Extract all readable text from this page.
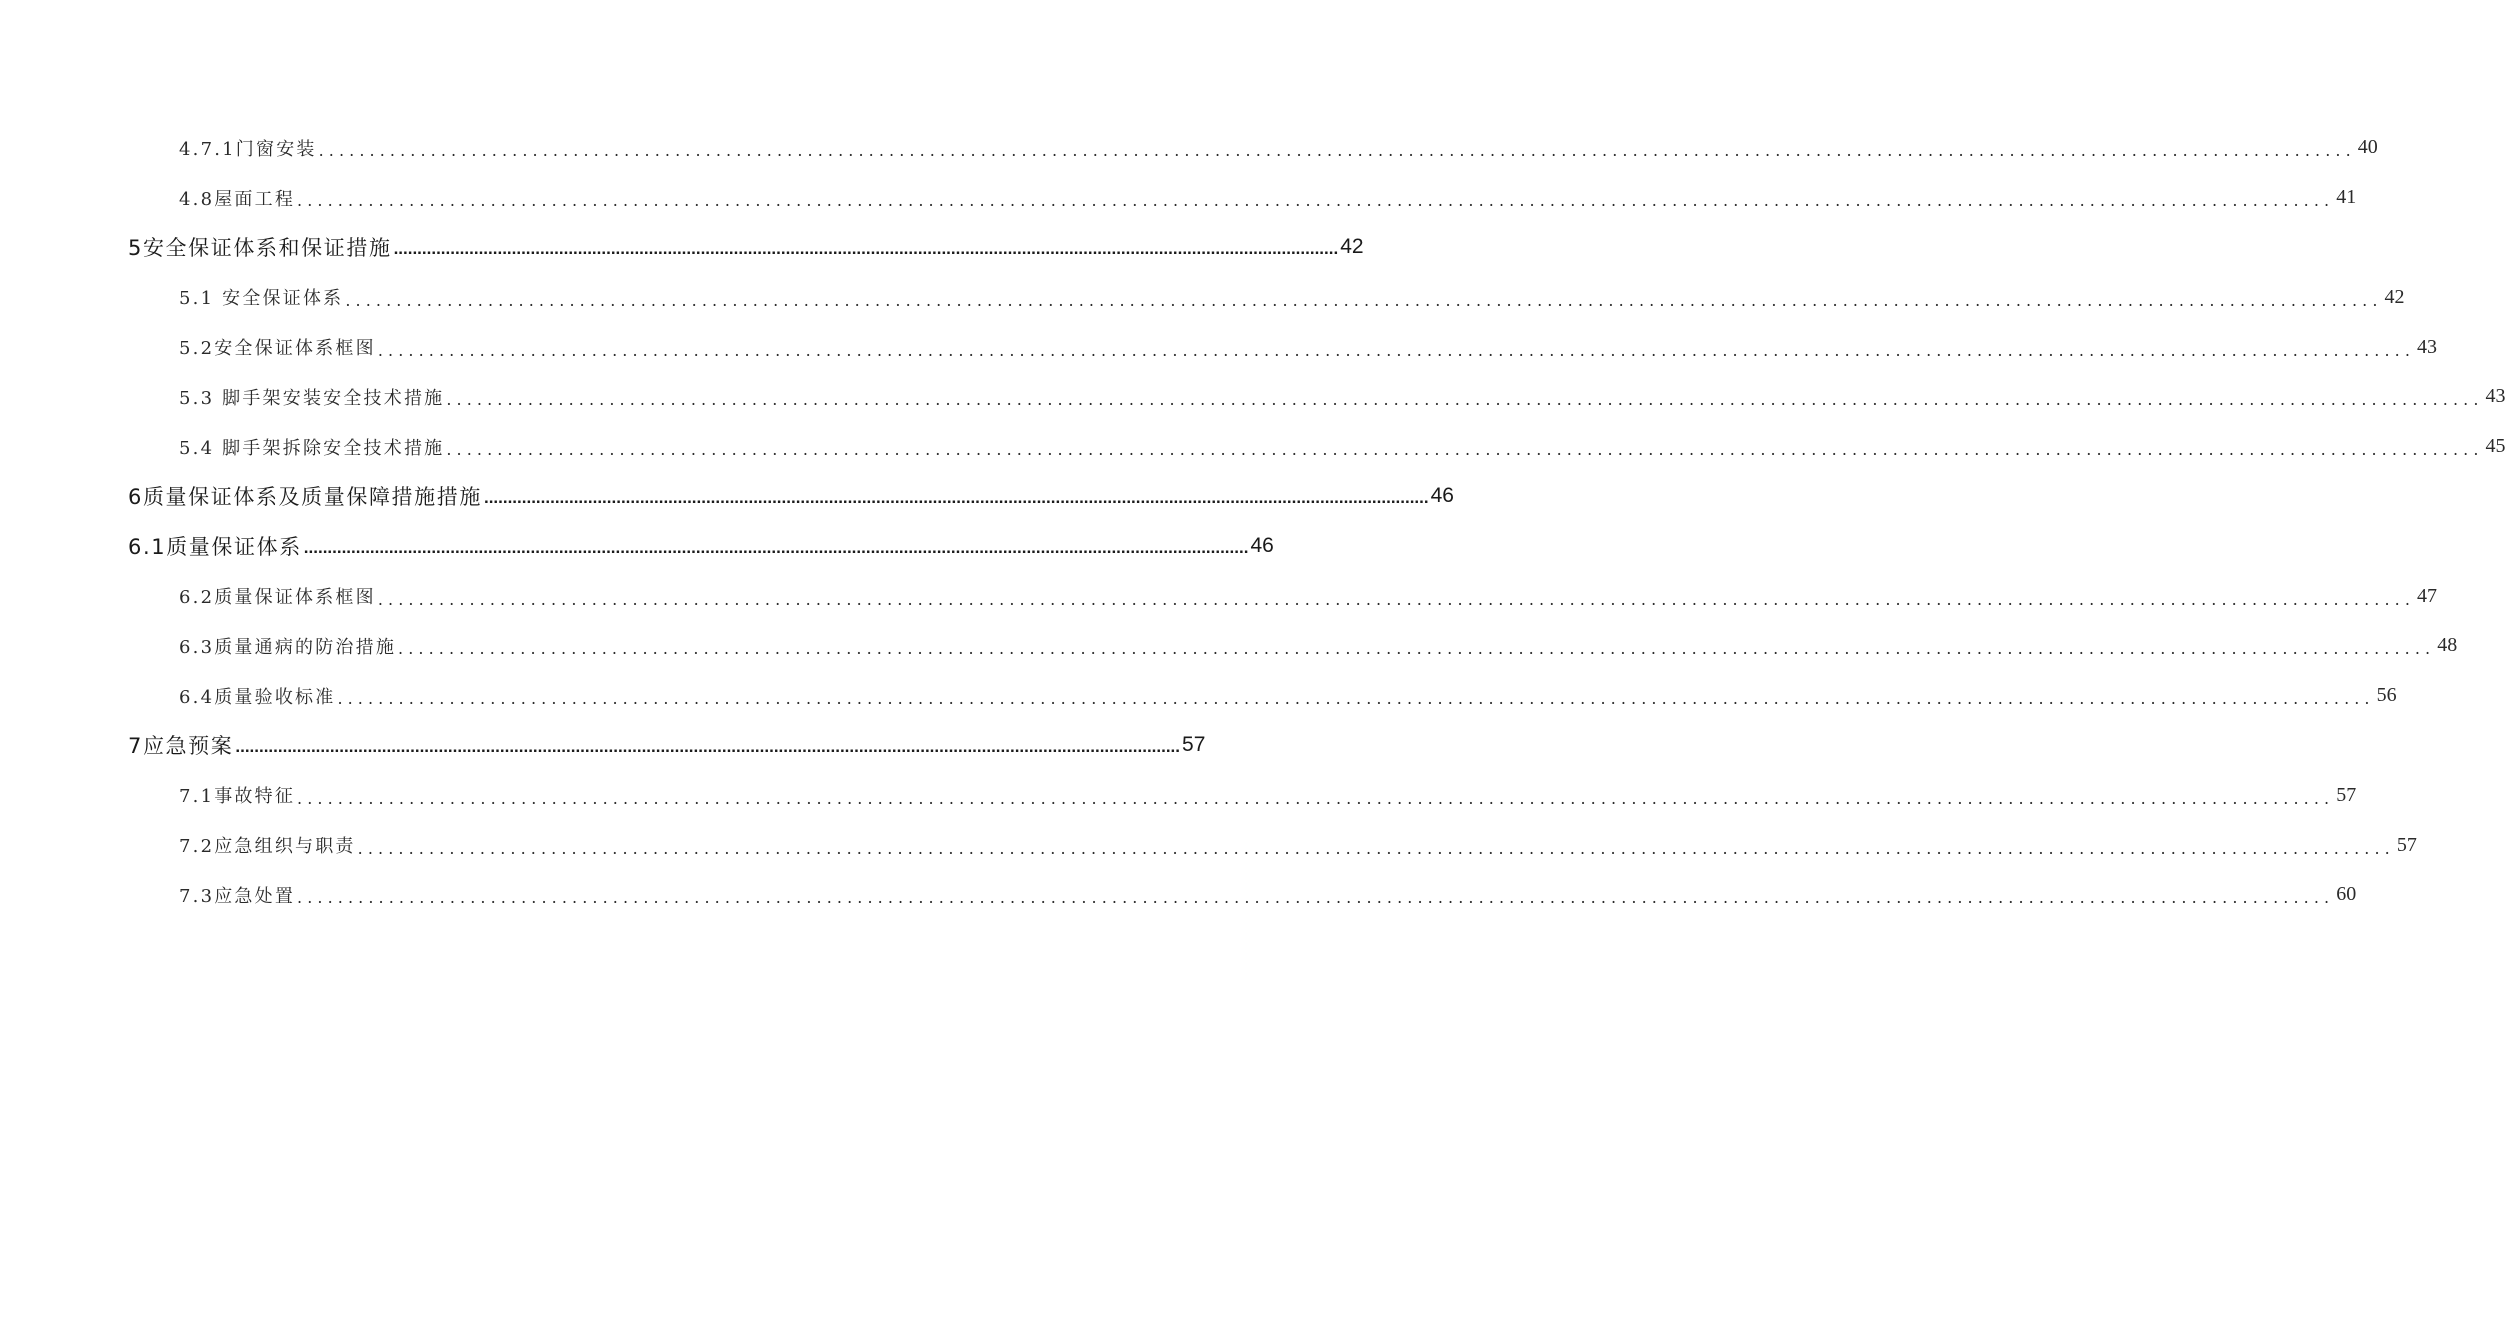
4.7.1门窗安装 ........................................................................................................................................................................................................ 40
4.8屋面工程 ........................................................................................................................................................................................................ 41
5安全保证体系和保证措施 ........................................................................................................................................................................................................ 42
5.1 安全保证体系 ........................................................................................................................................................................................................ 42
5.2安全保证体系框图 ........................................................................................................................................................................................................ 43
5.3 脚手架安装安全技术措施 ........................................................................................................................................................................................................ 43
5.4 脚手架拆除安全技术措施 ........................................................................................................................................................................................................ 45
6质量保证体系及质量保障措施措施 ........................................................................................................................................................................................................ 46
6.1质量保证体系 ........................................................................................................................................................................................................ 46
6.2质量保证体系框图 ........................................................................................................................................................................................................ 47
6.3质量通病的防治措施 ........................................................................................................................................................................................................ 48
6.4质量验收标准 ........................................................................................................................................................................................................ 56
7应急预案 ........................................................................................................................................................................................................ 57
7.1事故特征 ........................................................................................................................................................................................................ 57
7.2应急组织与职责 ........................................................................................................................................................................................................ 57
7.3应急处置 ........................................................................................................................................................................................................ 60
